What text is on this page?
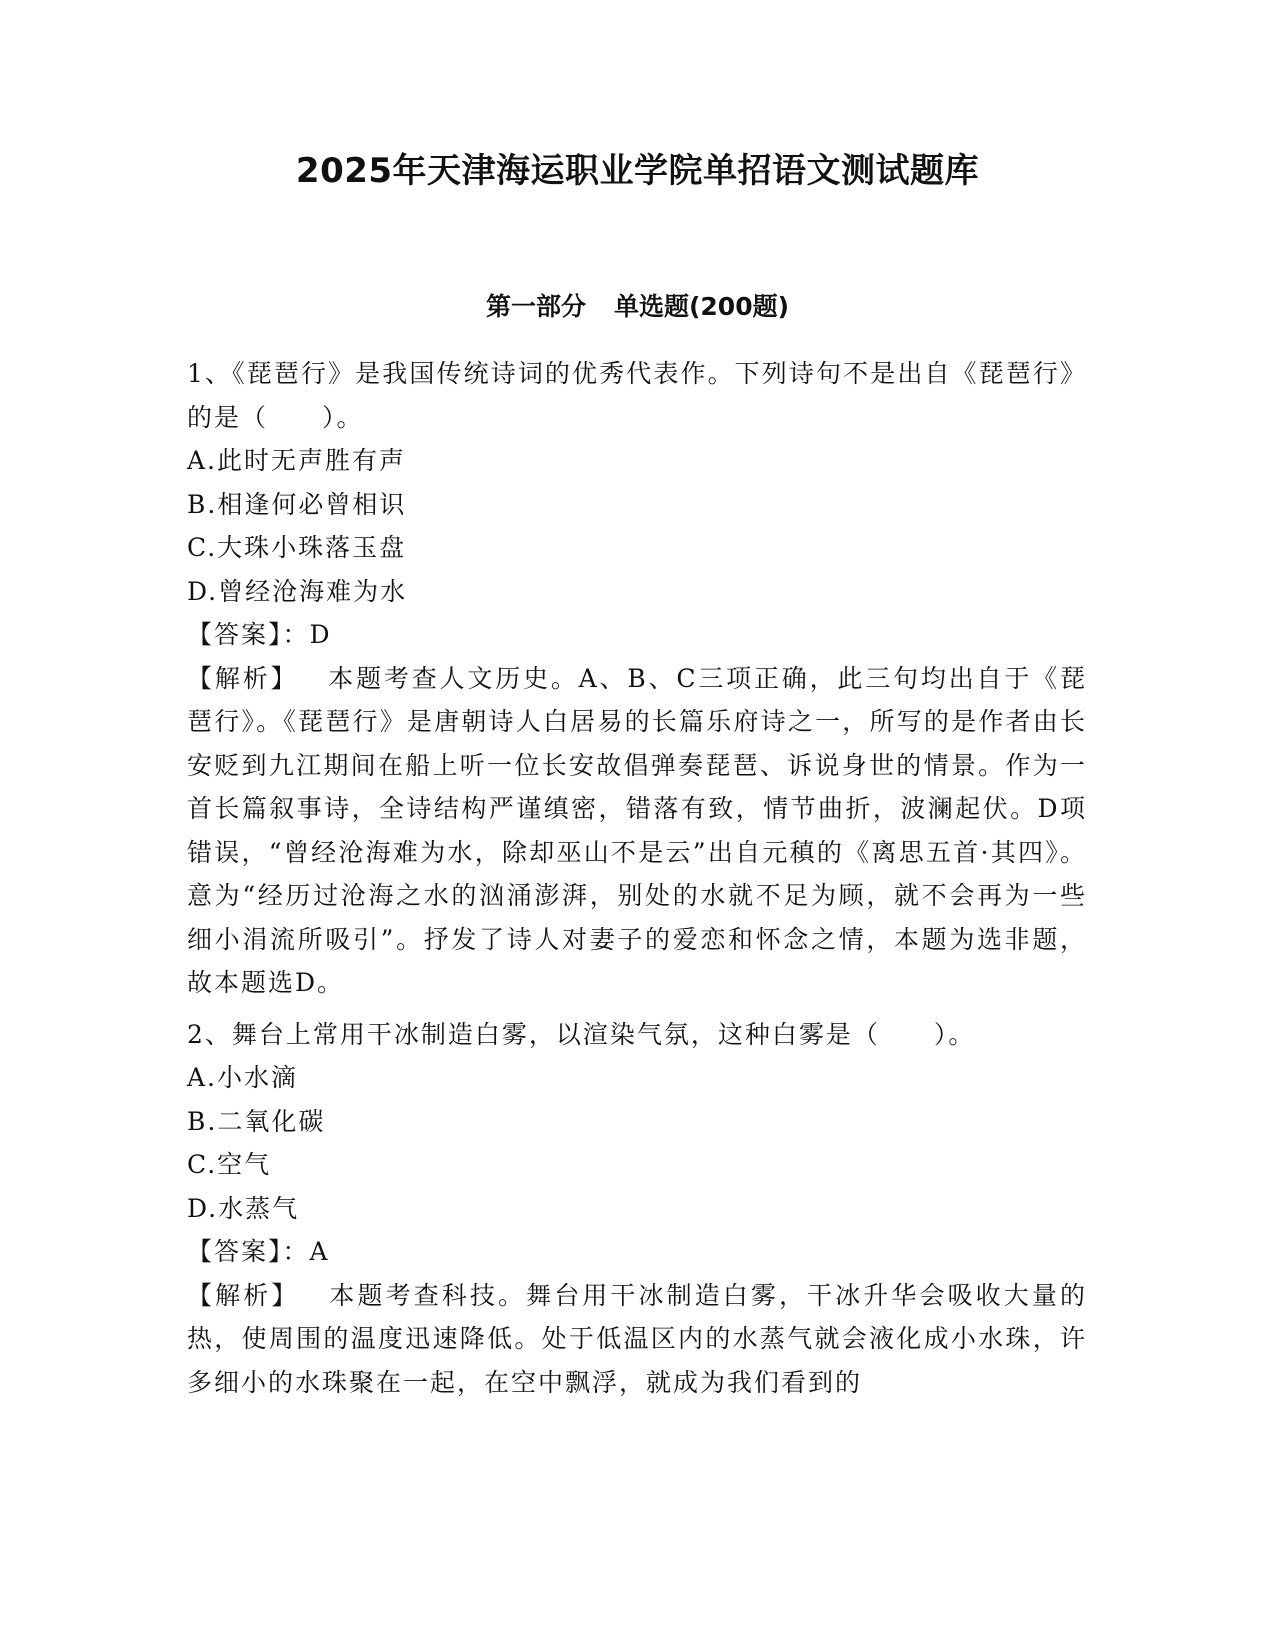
2025年天津海运职业学院单招语文测试题库
第一部分 单选题(200题)

1、《琵琶行》是我国传统诗词的优秀代表作。下列诗句不是出自《琵琶行》的是（　　）。

A.此时无声胜有声

B.相逢何必曾相识

C.大珠小珠落玉盘

D.曾经沧海难为水

【答案】：D

【解析】 本题考查人文历史。A、B、C三项正确，此三句均出自于《琵琶行》。《琵琶行》是唐朝诗人白居易的长篇乐府诗之一，所写的是作者由长安贬到九江期间在船上听一位长安故倡弹奏琵琶、诉说身世的情景。作为一首长篇叙事诗，全诗结构严谨缜密，错落有致，情节曲折，波澜起伏。D项错误，“曾经沧海难为水，除却巫山不是云”出自元稹的《离思五首·其四》。意为“经历过沧海之水的汹涌澎湃，别处的水就不足为顾，就不会再为一些细小涓流所吸引”。抒发了诗人对妻子的爱恋和怀念之情，本题为选非题，故本题选D。

2、舞台上常用干冰制造白雾，以渲染气氛，这种白雾是（　　）。

A.小水滴

B.二氧化碳

C.空气

D.水蒸气

【答案】：A

【解析】 本题考查科技。舞台用干冰制造白雾，干冰升华会吸收大量的热，使周围的温度迅速降低。处于低温区内的水蒸气就会液化成小水珠，许多细小的水珠聚在一起，在空中飘浮，就成为我们看到的
